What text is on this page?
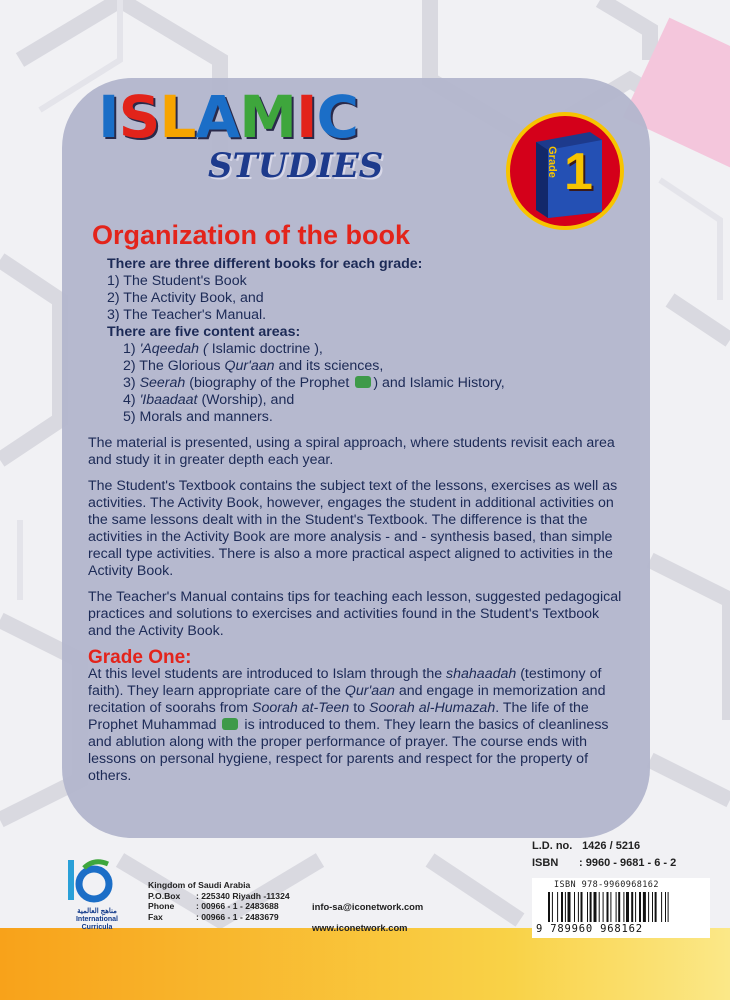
ISLAMIC
STUDIES	Grade 1
Organization of the book

There are three different books for each grade:

1) The Student's Book
2) The Activity Book, and
3) The Teacher's Manual.

There are five content areas:

1) 'Aqeedah ( Islamic doctrine ),
2) The Glorious Qur'aan and its sciences,
3) Seerah (biography of the Prophet ) and Islamic History,
4) 'Ibaadaat (Worship), and
5) Morals and manners.

The material is presented, using a spiral approach, where students revisit each area and study it in greater depth each year.

The Student's Textbook contains the subject text of the lessons, exercises as well as activities. The Activity Book, however, engages the student in additional activities on the same lessons dealt with in the Student's Textbook. The difference is that the activities in the Activity Book are more analysis - and - synthesis based, than simple recall type activities. There is also a more practical aspect aligned to activities in the Activity Book.

The Teacher's Manual contains tips for teaching each lesson, suggested pedagogical practices and solutions to exercises and activities found in the Student's Textbook and the Activity Book.

Grade One:

At this level students are introduced to Islam through the shahaadah (testimony of faith). They learn appropriate care of the Qur'aan and engage in memorization and recitation of soorahs from Soorah at-Teen to Soorah al-Humazah. The life of the Prophet Muhammad  is introduced to them. They learn the basics of cleanliness and ablution along with the proper performance of prayer. The course ends with lessons on personal hygiene, respect for parents and respect for the property of others.

مناهج العالمية
International Curricula
Kingdom of Saudi Arabia
P.O.Box : 225340 Riyadh -11324
Phone	: 00966 - 1 - 2483688
Fax	: 00966 - 1 - 2483679
info-sa@iconetwork.com
www.iconetwork.com
L.D. no. 1426 / 5216
ISBN : 9960 - 9681 - 6 - 2
ISBN 978-9960968162
9 789960 968162
